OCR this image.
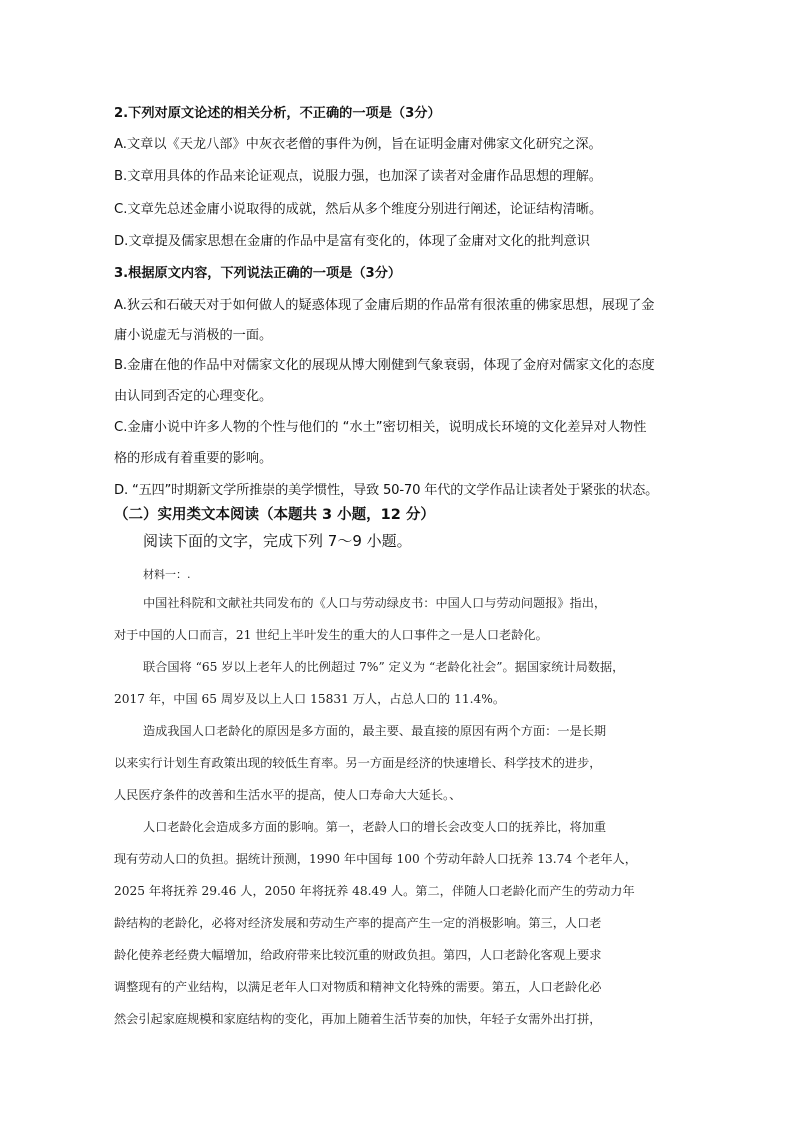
2.下列对原文论述的相关分析，不正确的一项是（3分）
A.文章以《天龙八部》中灰衣老僧的事件为例，旨在证明金庸对佛家文化研究之深。
B.文章用具体的作品来论证观点，说服力强，也加深了读者对金庸作品思想的理解。
C.文章先总述金庸小说取得的成就，然后从多个维度分别进行阐述，论证结构清晰。
D.文章提及儒家思想在金庸的作品中是富有变化的，体现了金庸对文化的批判意识
3.根据原文内容，下列说法正确的一项是（3分）
A.狄云和石破天对于如何做人的疑惑体现了金庸后期的作品常有很浓重的佛家思想，展现了金
庸小说虚无与消极的一面。
B.金庸在他的作品中对儒家文化的展现从博大刚健到气象衰弱，体现了金府对儒家文化的态度
由认同到否定的心理变化。
C.金庸小说中许多人物的个性与他们的 “水土”密切相关，说明成长环境的文化差异对人物性
格的形成有着重要的影响。
D. “五四”时期新文学所推崇的美学惯性，导致 50-70 年代的文学作品让读者处于紧张的状态。
（二）实用类文本阅读（本题共 3 小题，12 分）
阅读下面的文字，完成下列 7～9 小题。
材料一：.
中国社科院和文献社共同发布的《人口与劳动绿皮书：中国人口与劳动问题报》指出，
对于中国的人口而言，21 世纪上半叶发生的重大的人口事件之一是人口老龄化。
联合国将 “65 岁以上老年人的比例超过 7%” 定义为 “老龄化社会”。据国家统计局数据，
2017 年，中国 65 周岁及以上人口 15831 万人，占总人口的 11.4%。
造成我国人口老龄化的原因是多方面的，最主要、最直接的原因有两个方面：一是长期
以来实行计划生育政策出现的较低生育率。另一方面是经济的快速增长、科学技术的进步，
人民医疗条件的改善和生活水平的提高，使人口寿命大大延长。、
人口老龄化会造成多方面的影响。第一，老龄人口的增长会改变人口的抚养比，将加重
现有劳动人口的负担。据统计预测，1990 年中国每 100 个劳动年龄人口抚养 13.74 个老年人，
2025 年将抚养 29.46 人，2050 年将抚养 48.49 人。第二，伴随人口老龄化而产生的劳动力年
龄结构的老龄化，必将对经济发展和劳动生产率的提高产生一定的消极影响。第三，人口老
龄化使养老经费大幅增加，给政府带来比较沉重的财政负担。第四，人口老龄化客观上要求
调整现有的产业结构，以满足老年人口对物质和精神文化特殊的需要。第五，人口老龄化必
然会引起家庭规模和家庭结构的变化，再加上随着生活节奏的加快，年轻子女需外出打拼，
